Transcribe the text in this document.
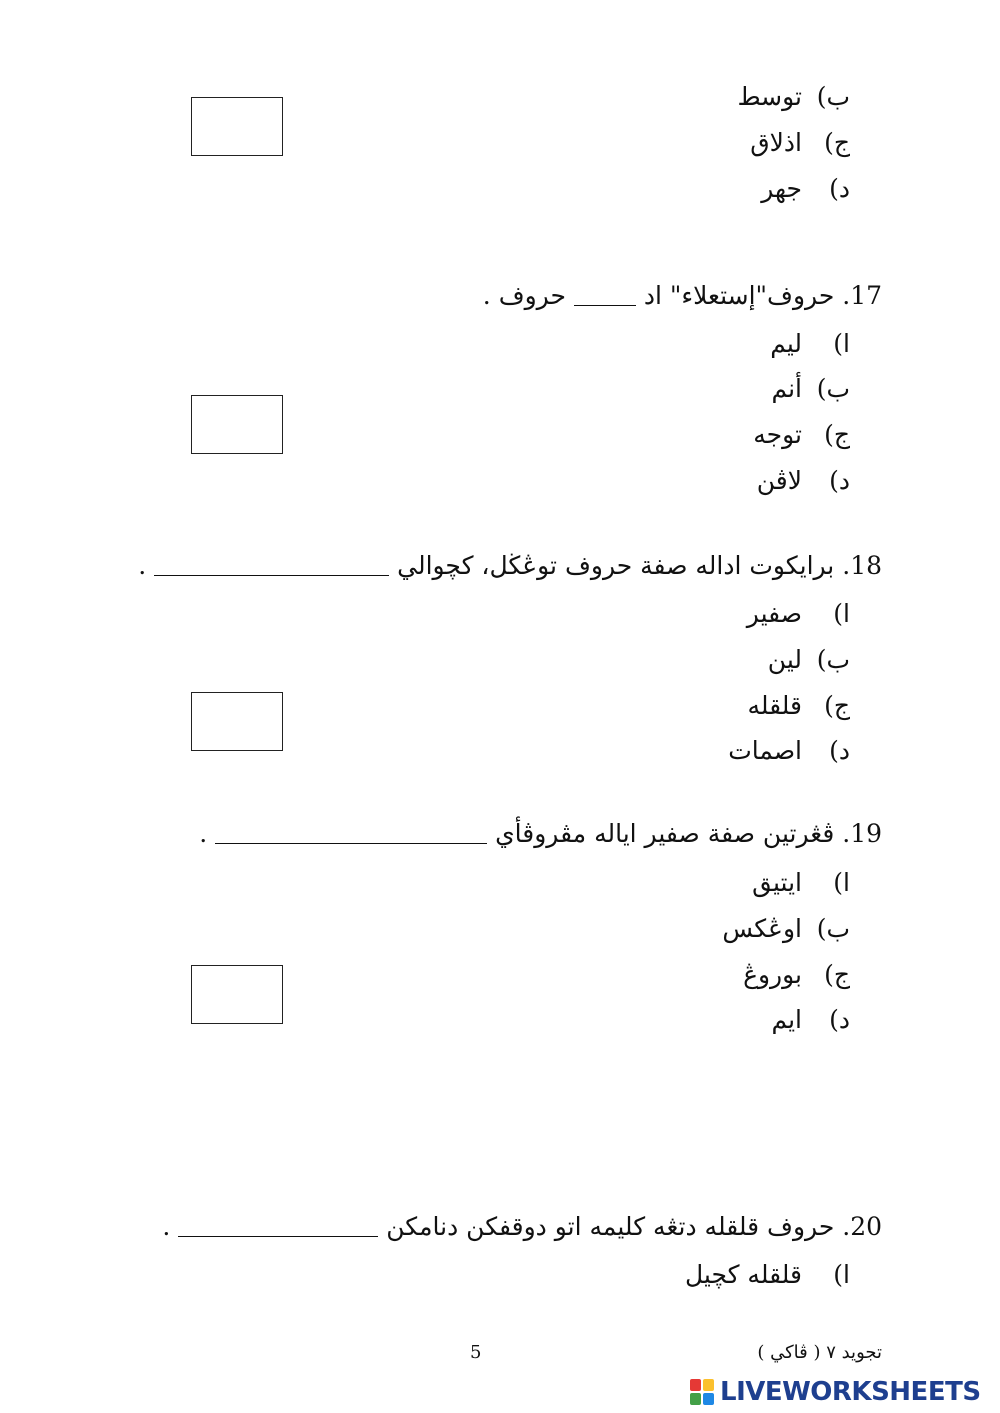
ب)توسط
ج)اذلاق
د)جهر
17. حروف"إستعلاء" اد  حروف .
ا)ليم
ب)أنم
ج)توجه
د)لاڤن
18. برايكوت اداله صفة حروف توڠڬل، كچوالي  .
ا)صفير
ب)لين
ج)قلقله
د)اصمات
19. ڤڠرتين صفة صفير اياله مڤروڤأي  .
ا)ايتيق
ب)اوڠكس
ج)بوروڠ
د)ايم
20. حروف قلقله دتڠه كليمه اتو دوقفكن دنامكن  .
ا)قلقله كچيل
5	تجويد ٧ ( ڤاكي )
LIVEWORKSHEETS
